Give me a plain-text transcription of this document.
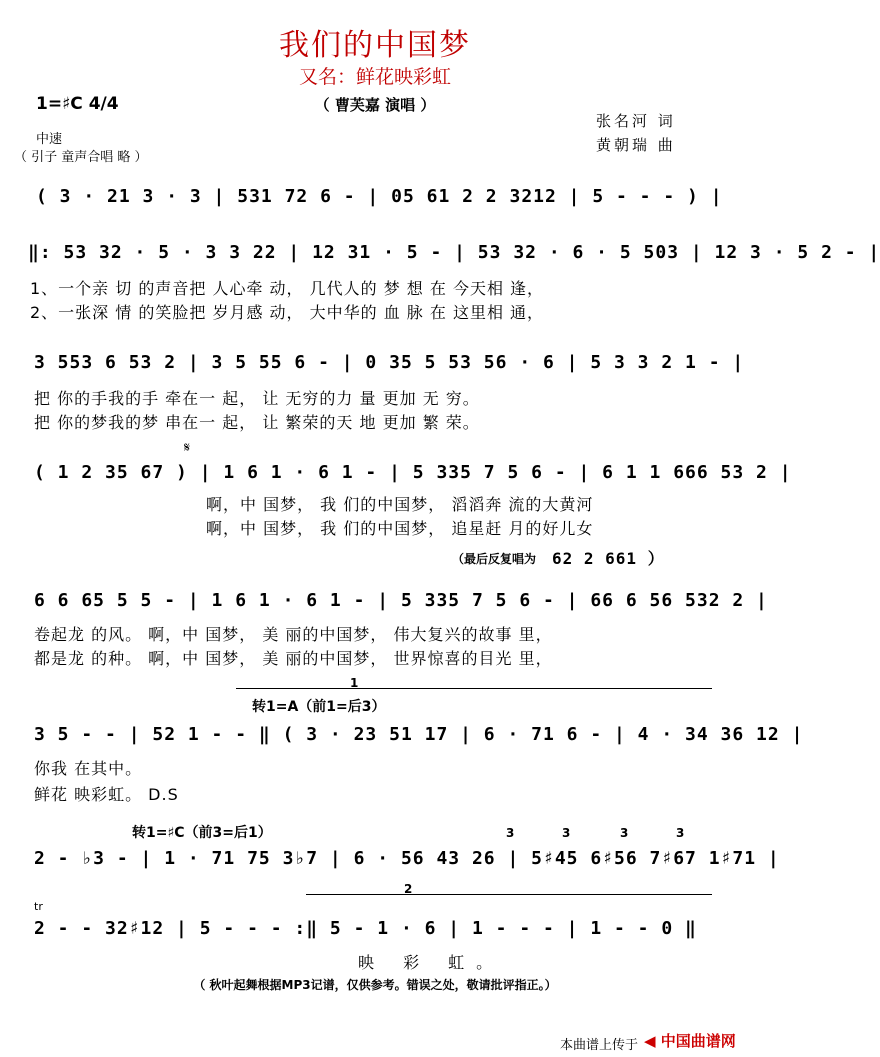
我们的中国梦
又名：鲜花映彩虹
（ 曹芙嘉 演唱 ）
1=♯C 4/4
中速
（ 引子 童声合唱 略 ）
张名河 词
黄朝瑞 曲
( 3 · 21 3 · 3 | 531 72 6 - | 05 61 2 2 3212 | 5 - - - ) |
‖: 53 32 · 5 · 3 3 22 | 12 31 · 5 - | 53 32 · 6 · 5 503 | 12 3 · 5 2 - |
1、一个亲 切 的声音把 人心牵 动， 几代人的 梦 想 在 今天相 逢，
2、一张深 情 的笑脸把 岁月感 动， 大中华的 血 脉 在 这里相 通，
3 553 6 53 2 | 3 5 55 6 - | 0 35 5 53 56 · 6 | 5 3 3 2 1 - |
把 你的手我的手 牵在一 起， 让 无穷的力 量 更加 无 穷。
把 你的梦我的梦 串在一 起， 让 繁荣的天 地 更加 繁 荣。
𝄋
( 1 2 35 67 ) | 1 6 1 · 6 1 - | 5 335 7 5 6 - | 6 1 1 666 53 2 |
啊，中 国梦， 我 们的中国梦， 滔滔奔 流的大黄河
啊，中 国梦， 我 们的中国梦， 追星赶 月的好儿女
（最后反复唱为 62 2 661 ）
6 6 65 5 5 - | 1 6 1 · 6 1 - | 5 335 7 5 6 - | 66 6 56 532 2 |
卷起龙 的风。 啊，中 国梦， 美 丽的中国梦， 伟大复兴的故事 里，
都是龙 的种。 啊，中 国梦， 美 丽的中国梦， 世界惊喜的目光 里，
1
转1=A（前1=后3）
3 5 - - | 52 1 - - ‖ ( 3 · 23 51 17 | 6 · 71 6 - | 4 · 34 36 12 |
你我 在其中。
鲜花 映彩虹。 D.S
转1=♯C（前3=后1）	3	3	3	3
2 - ♭3 - | 1 · 71 75 3♭7 | 6 · 56 43 26 | 5♯45 6♯56 7♯67 1♯71 |
2
tr
2 - - 32♯12 | 5 - - - :‖ 5 - 1 · 6 | 1 - - - | 1 - - 0 ‖
映 彩 虹。
（ 秋叶起舞根据MP3记谱，仅供参考。错误之处，敬请批评指正。）
本曲谱上传于 ◀ 中国曲谱网
